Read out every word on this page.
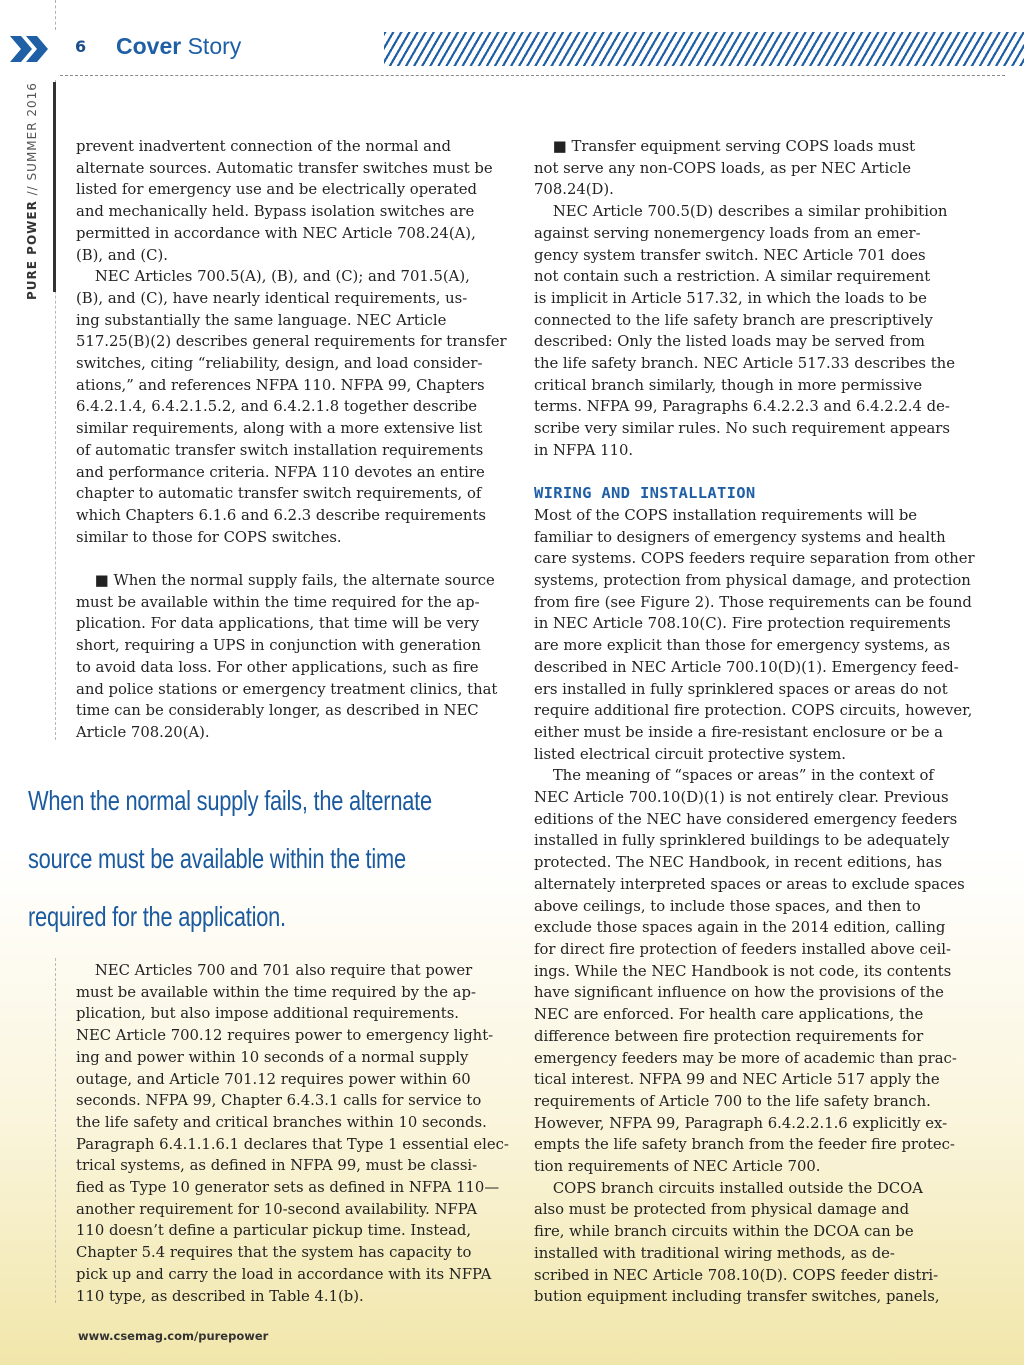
6 Cover Story
PURE POWER // SUMMER 2016	prevent inadvertent connection of the normal and

alternate sources. Automatic transfer switches must be

listed for emergency use and be electrically operated

and mechanically held. Bypass isolation switches are

permitted in accordance with NEC Article 708.24(A),

(B), and (C).

NEC Articles 700.5(A), (B), and (C); and 701.5(A),

(B), and (C), have nearly identical requirements, us-

ing substantially the same language. NEC Article

517.25(B)(2) describes general requirements for transfer

switches, citing “reliability, design, and load consider-

ations,” and references NFPA 110. NFPA 99, Chapters

6.4.2.1.4, 6.4.2.1.5.2, and 6.4.2.1.8 together describe

similar requirements, along with a more extensive list

of automatic transfer switch installation requirements

and performance criteria. NFPA 110 devotes an entire

chapter to automatic transfer switch requirements, of

which Chapters 6.1.6 and 6.2.3 describe requirements

similar to those for COPS switches.

■ When the normal supply fails, the alternate source

must be available within the time required for the ap-

plication. For data applications, that time will be very

short, requiring a UPS in conjunction with generation

to avoid data loss. For other applications, such as fire

and police stations or emergency treatment clinics, that

time can be considerably longer, as described in NEC

Article 708.20(A).

When the normal supply fails, the alternate
source must be available within the time
required for the application.

NEC Articles 700 and 701 also require that power

must be available within the time required by the ap-

plication, but also impose additional requirements.

NEC Article 700.12 requires power to emergency light-

ing and power within 10 seconds of a normal supply

outage, and Article 701.12 requires power within 60

seconds. NFPA 99, Chapter 6.4.3.1 calls for service to

the life safety and critical branches within 10 seconds.

Paragraph 6.4.1.1.6.1 declares that Type 1 essential elec-

trical systems, as defined in NFPA 99, must be classi-

fied as Type 10 generator sets as defined in NFPA 110—

another requirement for 10-second availability. NFPA

110 doesn’t define a particular pickup time. Instead,

Chapter 5.4 requires that the system has capacity to

pick up and carry the load in accordance with its NFPA

110 type, as described in Table 4.1(b).

■ Transfer equipment serving COPS loads must

not serve any non-COPS loads, as per NEC Article

708.24(D).

NEC Article 700.5(D) describes a similar prohibition

against serving nonemergency loads from an emer-

gency system transfer switch. NEC Article 701 does

not contain such a restriction. A similar requirement

is implicit in Article 517.32, in which the loads to be

connected to the life safety branch are prescriptively

described: Only the listed loads may be served from

the life safety branch. NEC Article 517.33 describes the

critical branch similarly, though in more permissive

terms. NFPA 99, Paragraphs 6.4.2.2.3 and 6.4.2.2.4 de-

scribe very similar rules. No such requirement appears

in NFPA 110.

WIRING AND INSTALLATION

Most of the COPS installation requirements will be

familiar to designers of emergency systems and health

care systems. COPS feeders require separation from other

systems, protection from physical damage, and protection

from fire (see Figure 2). Those requirements can be found

in NEC Article 708.10(C). Fire protection requirements

are more explicit than those for emergency systems, as

described in NEC Article 700.10(D)(1). Emergency feed-

ers installed in fully sprinklered spaces or areas do not

require additional fire protection. COPS circuits, however,

either must be inside a fire-resistant enclosure or be a

listed electrical circuit protective system.

The meaning of “spaces or areas” in the context of

NEC Article 700.10(D)(1) is not entirely clear. Previous

editions of the NEC have considered emergency feeders

installed in fully sprinklered buildings to be adequately

protected. The NEC Handbook, in recent editions, has

alternately interpreted spaces or areas to exclude spaces

above ceilings, to include those spaces, and then to

exclude those spaces again in the 2014 edition, calling

for direct fire protection of feeders installed above ceil-

ings. While the NEC Handbook is not code, its contents

have significant influence on how the provisions of the

NEC are enforced. For health care applications, the

difference between fire protection requirements for

emergency feeders may be more of academic than prac-

tical interest. NFPA 99 and NEC Article 517 apply the

requirements of Article 700 to the life safety branch.

However, NFPA 99, Paragraph 6.4.2.2.1.6 explicitly ex-

empts the life safety branch from the feeder fire protec-

tion requirements of NEC Article 700.

COPS branch circuits installed outside the DCOA

also must be protected from physical damage and

fire, while branch circuits within the DCOA can be

installed with traditional wiring methods, as de-

scribed in NEC Article 708.10(D). COPS feeder distri-

bution equipment including transfer switches, panels,

www.csemag.com/purepower
